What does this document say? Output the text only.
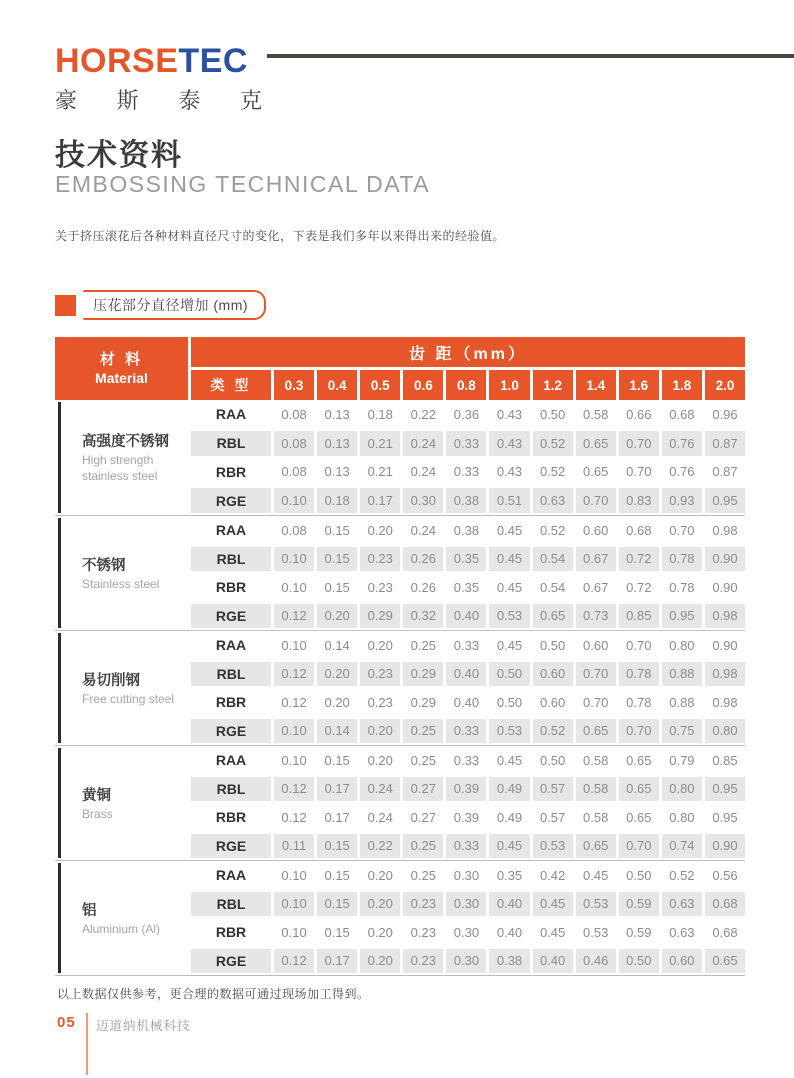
HORSETEC
豪 斯 泰 克
技术资料
EMBOSSING TECHNICAL DATA
关于挤压滚花后各种材料直径尺寸的变化，下表是我们多年以来得出来的经验值。
压花部分直径增加 (mm)
材 料
Material
齿 距（mm）
类 型	0.3	0.4	0.5	0.6	0.8	1.0	1.2	1.4	1.6	1.8	2.0
高强度不锈钢
High strength stainless steel
RAA	0.08	0.13	0.18	0.22	0.36	0.43	0.50	0.58	0.66	0.68	0.96
RBL	0.08	0.13	0.21	0.24	0.33	0.43	0.52	0.65	0.70	0.76	0.87
RBR	0.08	0.13	0.21	0.24	0.33	0.43	0.52	0.65	0.70	0.76	0.87
RGE	0.10	0.18	0.17	0.30	0.38	0.51	0.63	0.70	0.83	0.93	0.95
不锈钢
Stainless steel
RAA	0.08	0.15	0.20	0.24	0.38	0.45	0.52	0.60	0.68	0.70	0.98
RBL	0.10	0.15	0.23	0.26	0.35	0.45	0.54	0.67	0.72	0.78	0.90
RBR	0.10	0.15	0.23	0.26	0.35	0.45	0.54	0.67	0.72	0.78	0.90
RGE	0.12	0.20	0.29	0.32	0.40	0.53	0.65	0.73	0.85	0.95	0.98
易切削钢
Free cutting steel
RAA	0.10	0.14	0.20	0.25	0.33	0.45	0.50	0.60	0.70	0.80	0.90
RBL	0.12	0.20	0.23	0.29	0.40	0.50	0.60	0.70	0.78	0.88	0.98
RBR	0.12	0.20	0.23	0.29	0.40	0.50	0.60	0.70	0.78	0.88	0.98
RGE	0.10	0.14	0.20	0.25	0.33	0.53	0.52	0.65	0.70	0.75	0.80
黄铜
Brass
RAA	0.10	0.15	0.20	0.25	0.33	0.45	0.50	0.58	0.65	0.79	0.85
RBL	0.12	0.17	0.24	0.27	0.39	0.49	0.57	0.58	0.65	0.80	0.95
RBR	0.12	0.17	0.24	0.27	0.39	0.49	0.57	0.58	0.65	0.80	0.95
RGE	0.11	0.15	0.22	0.25	0.33	0.45	0.53	0.65	0.70	0.74	0.90
铝
Aluminium (Al)
RAA	0.10	0.15	0.20	0.25	0.30	0.35	0.42	0.45	0.50	0.52	0.56
RBL	0.10	0.15	0.20	0.23	0.30	0.40	0.45	0.53	0.59	0.63	0.68
RBR	0.10	0.15	0.20	0.23	0.30	0.40	0.45	0.53	0.59	0.63	0.68
RGE	0.12	0.17	0.20	0.23	0.30	0.38	0.40	0.46	0.50	0.60	0.65
以上数据仅供参考，更合理的数据可通过现场加工得到。
05 迈道纳机械科技
